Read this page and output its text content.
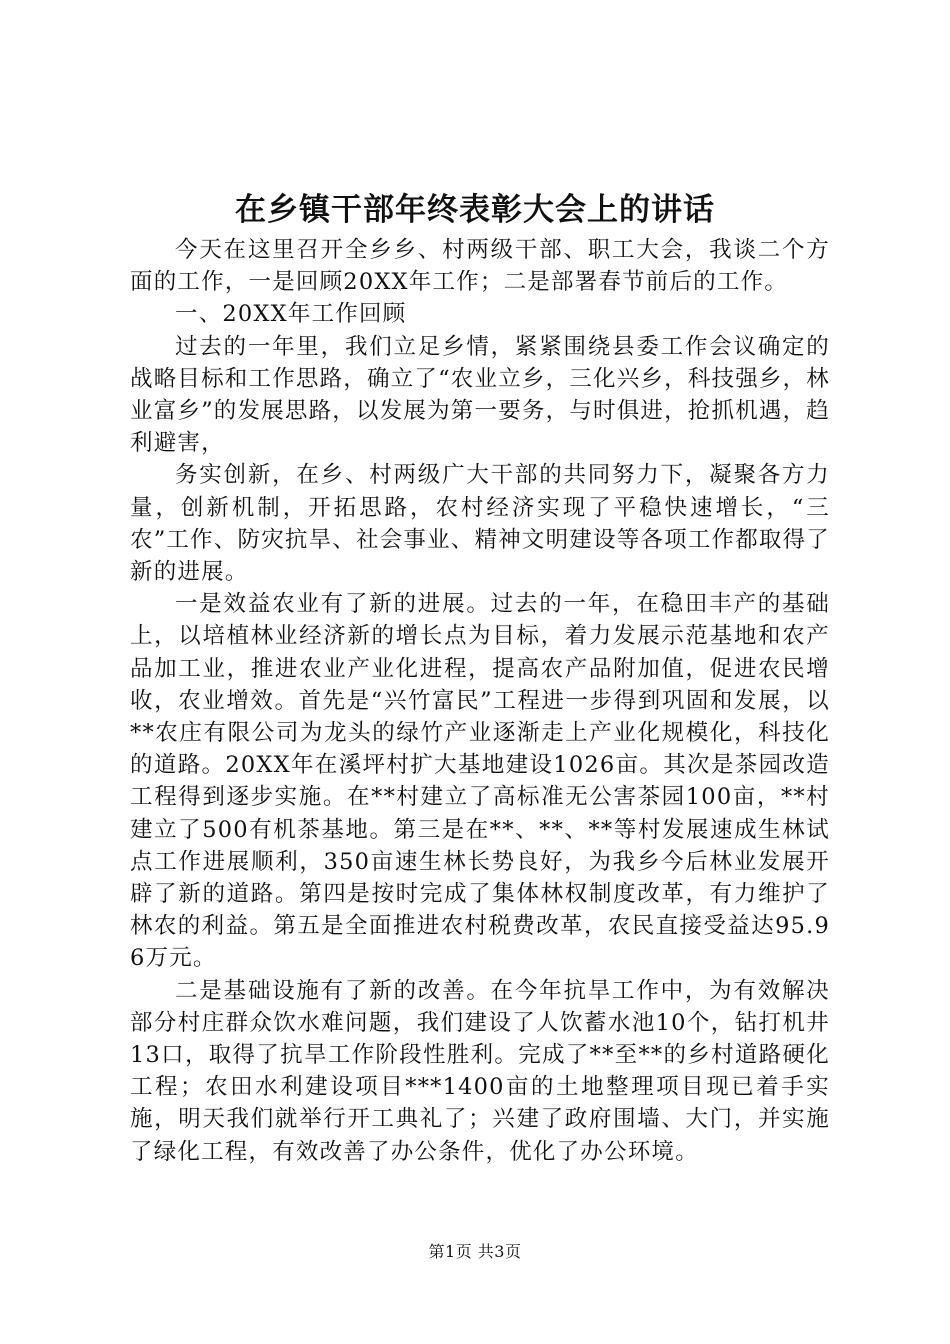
在乡镇干部年终表彰大会上的讲话

今天在这里召开全乡乡、村两级干部、职工大会，我谈二个方面的工作，一是回顾20XX年工作；二是部署春节前后的工作。

一、20XX年工作回顾

过去的一年里，我们立足乡情，紧紧围绕县委工作会议确定的战略目标和工作思路，确立了“农业立乡，三化兴乡，科技强乡，林业富乡”的发展思路，以发展为第一要务，与时俱进，抢抓机遇，趋利避害，

务实创新，在乡、村两级广大干部的共同努力下，凝聚各方力量，创新机制，开拓思路，农村经济实现了平稳快速增长，“三农”工作、防灾抗旱、社会事业、精神文明建设等各项工作都取得了新的进展。

一是效益农业有了新的进展。过去的一年，在稳田丰产的基础上，以培植林业经济新的增长点为目标，着力发展示范基地和农产品加工业，推进农业产业化进程，提高农产品附加值，促进农民增收，农业增效。首先是“兴竹富民”工程进一步得到巩固和发展，以**农庄有限公司为龙头的绿竹产业逐渐走上产业化规模化，科技化的道路。20XX年在溪坪村扩大基地建设1026亩。其次是茶园改造工程得到逐步实施。在**村建立了高标准无公害茶园100亩，**村建立了500有机茶基地。第三是在**、**、**等村发展速成生林试点工作进展顺利，350亩速生林长势良好，为我乡今后林业发展开辟了新的道路。第四是按时完成了集体林权制度改革，有力维护了林农的利益。第五是全面推进农村税费改革，农民直接受益达95.96万元。

二是基础设施有了新的改善。在今年抗旱工作中，为有效解决部分村庄群众饮水难问题，我们建设了人饮蓄水池10个，钻打机井13口，取得了抗旱工作阶段性胜利。完成了**至**的乡村道路硬化工程；农田水利建设项目***1400亩的土地整理项目现已着手实施，明天我们就举行开工典礼了；兴建了政府围墙、大门，并实施了绿化工程，有效改善了办公条件，优化了办公环境。

第1页 共3页
